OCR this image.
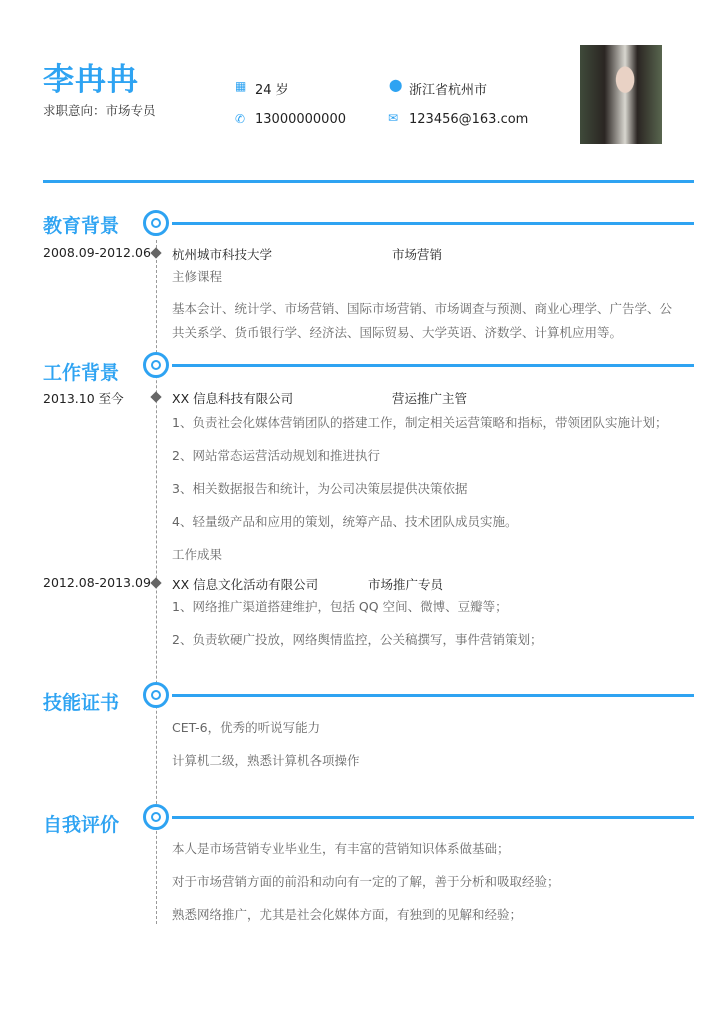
李冉冉
求职意向：市场专员
▦ 24 岁	⬤ 浙江省杭州市
✆ 13000000000	✉ 123456@163.com
教育背景
2008.09-2012.06 杭州城市科技大学	市场营销
主修课程
基本会计、统计学、市场营销、国际市场营销、市场调查与预测、商业心理学、广告学、公
共关系学、货币银行学、经济法、国际贸易、大学英语、济数学、计算机应用等。
工作背景
2013.10 至今	XX 信息科技有限公司	营运推广主管
1、负责社会化媒体营销团队的搭建工作，制定相关运营策略和指标，带领团队实施计划；
2、网站常态运营活动规划和推进执行
3、相关数据报告和统计，为公司决策层提供决策依据
4、轻量级产品和应用的策划，统筹产品、技术团队成员实施。
工作成果
2012.08-2013.09 XX 信息文化活动有限公司	市场推广专员
1、网络推广渠道搭建维护，包括 QQ 空间、微博、豆瓣等；
2、负责软硬广投放，网络舆情监控，公关稿撰写，事件营销策划；
技能证书
CET-6，优秀的听说写能力
计算机二级，熟悉计算机各项操作
自我评价
本人是市场营销专业毕业生，有丰富的营销知识体系做基础；
对于市场营销方面的前沿和动向有一定的了解，善于分析和吸取经验；
熟悉网络推广，尤其是社会化媒体方面，有独到的见解和经验；
